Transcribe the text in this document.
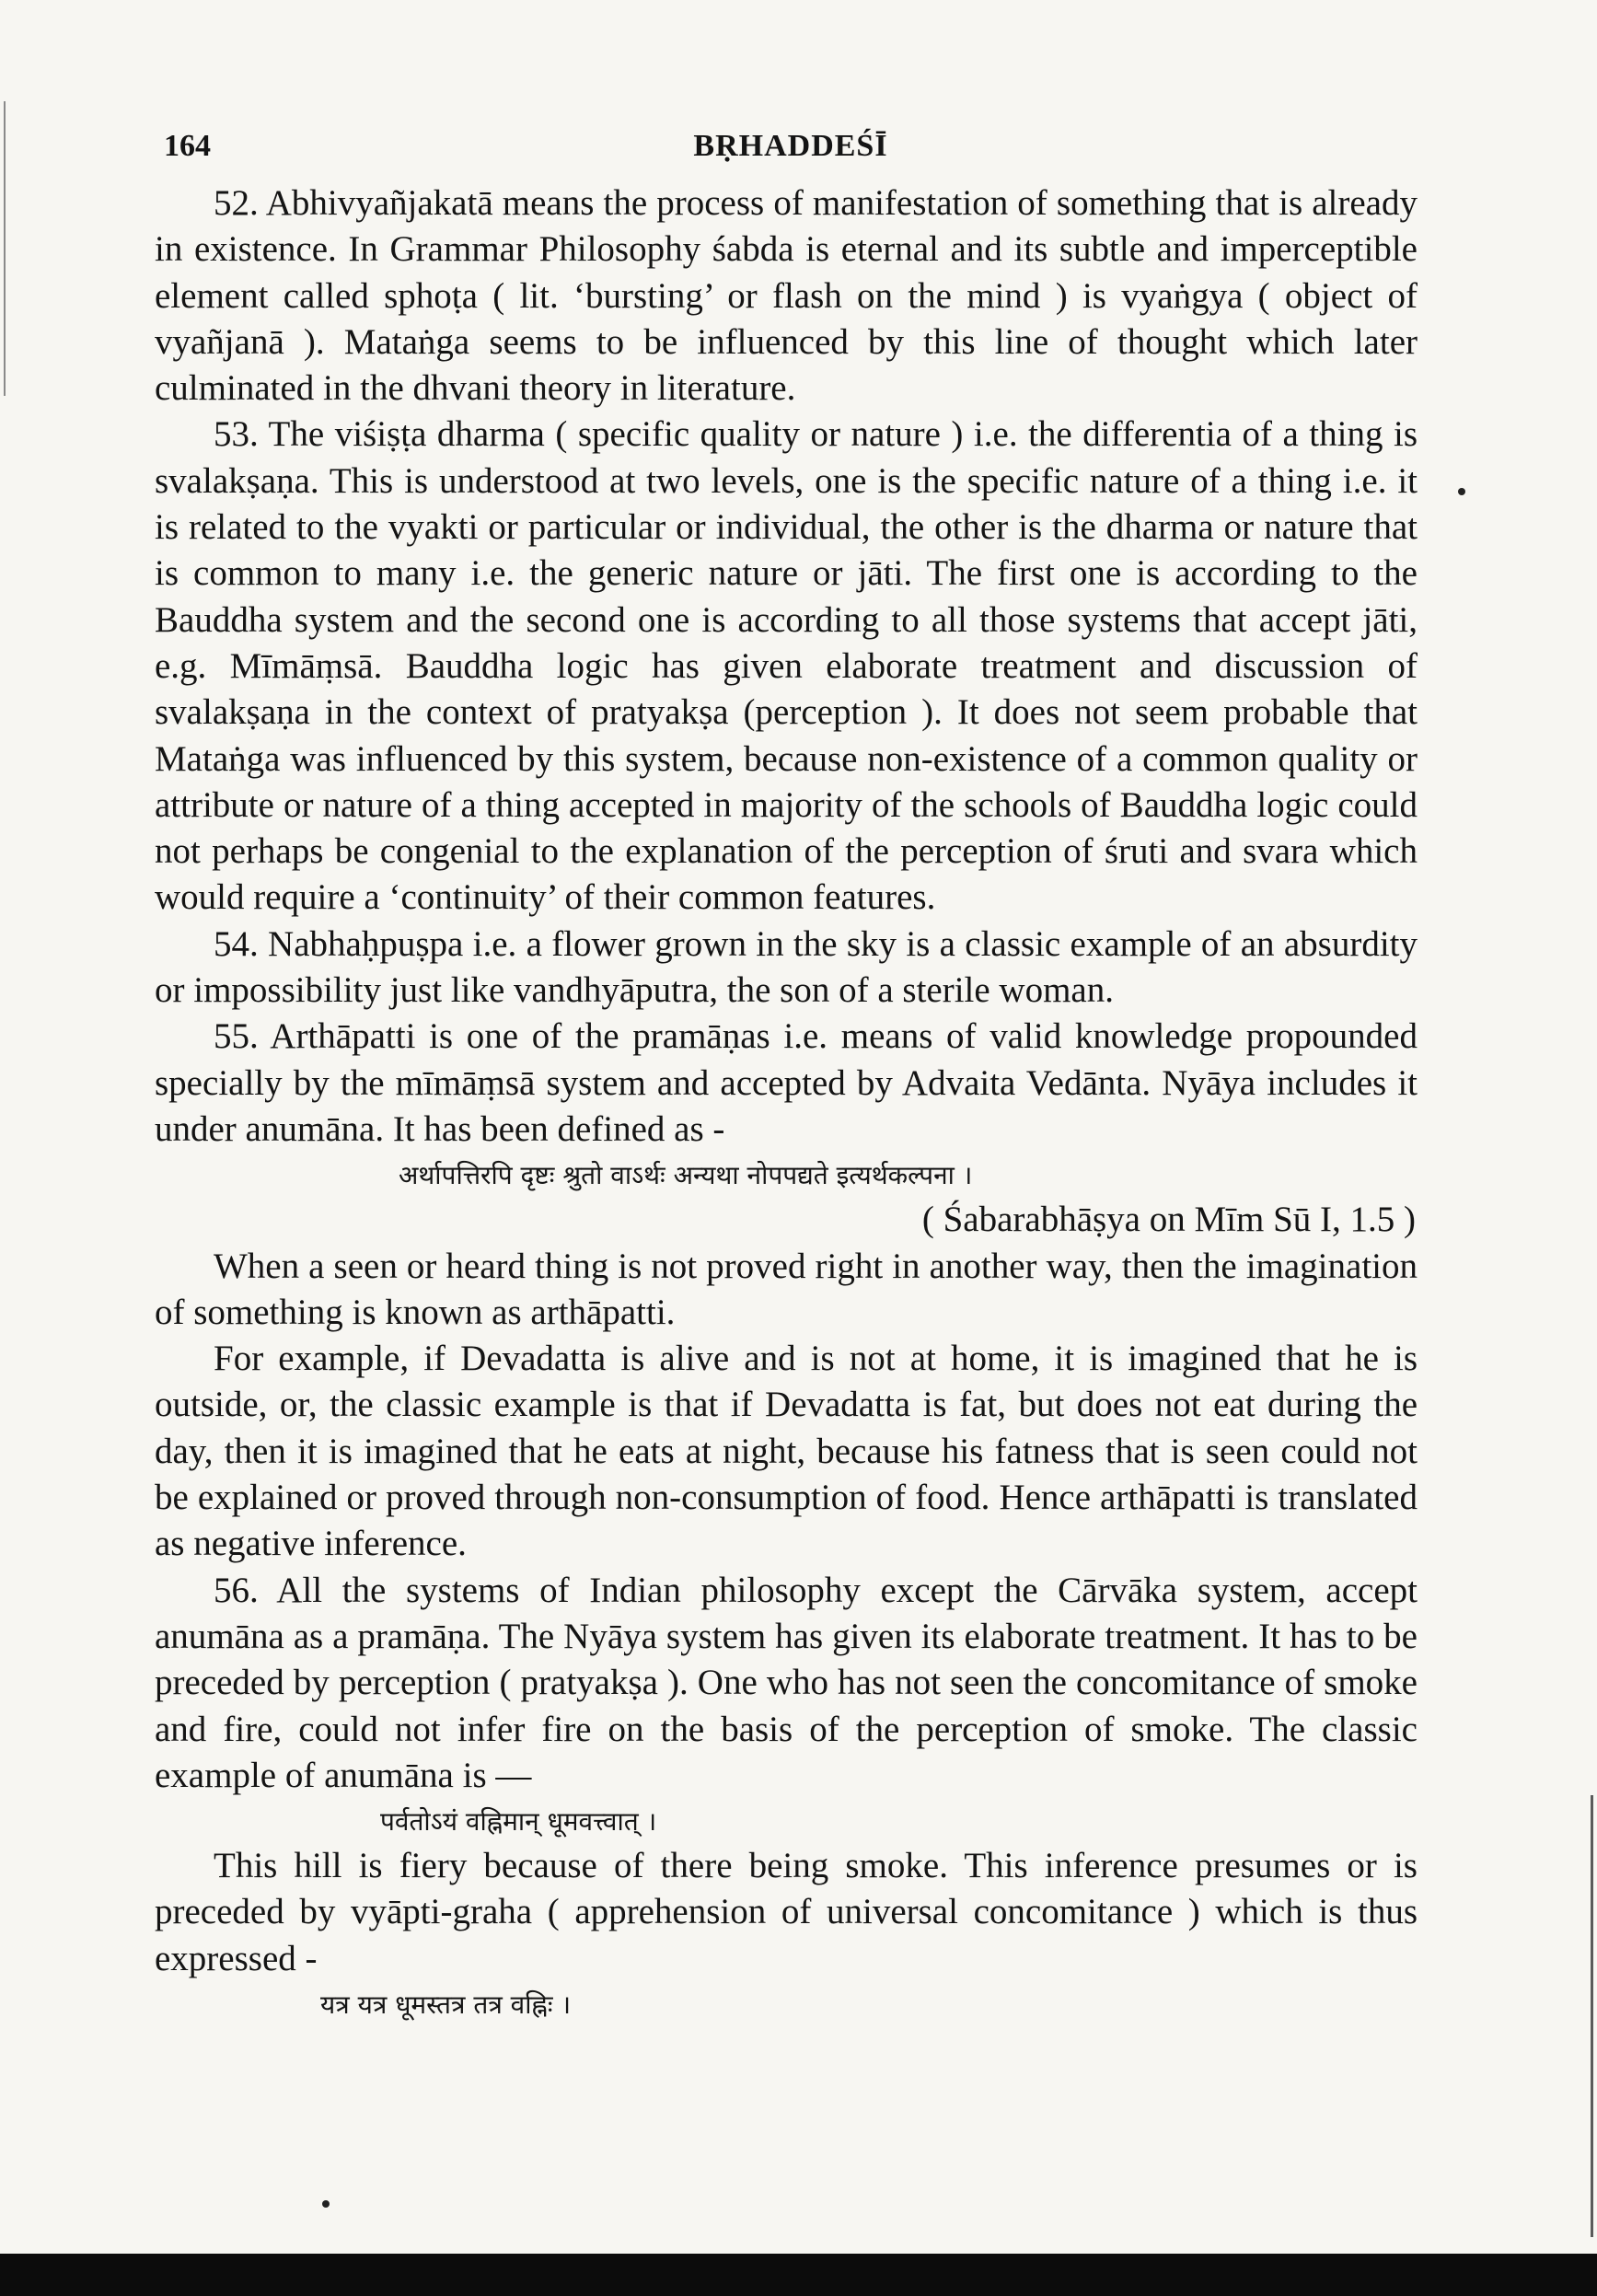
164	BṚHADDEŚĪ

52. Abhivyañjakatā means the process of manifestation of something that is already in existence. In Grammar Philosophy śabda is eternal and its subtle and imperceptible element called sphoṭa ( lit. ‘bursting’ or flash on the mind ) is vyaṅgya ( object of vyañjanā ). Mataṅga seems to be influenced by this line of thought which later culminated in the dhvani theory in literature.

53. The viśiṣṭa dharma ( specific quality or nature ) i.e. the differentia of a thing is svalakṣaṇa. This is understood at two levels, one is the specific nature of a thing i.e. it is related to the vyakti or particular or individual, the other is the dharma or nature that is common to many i.e. the generic nature or jāti. The first one is according to the Bauddha system and the second one is according to all those systems that accept jāti, e.g. Mīmāṃsā. Bauddha logic has given elaborate treatment and discussion of svalakṣaṇa in the context of pratyakṣa (perception ). It does not seem probable that Mataṅga was influenced by this system, because non-existence of a common quality or attribute or nature of a thing accepted in majority of the schools of Bauddha logic could not perhaps be congenial to the explanation of the perception of śruti and svara which would require a ‘continuity’ of their common features.

54. Nabhaḥpuṣpa i.e. a flower grown in the sky is a classic example of an absurdity or impossibility just like vandhyāputra, the son of a sterile woman.

55. Arthāpatti is one of the pramāṇas i.e. means of valid knowledge propounded specially by the mīmāṃsā system and accepted by Advaita Vedānta. Nyāya includes it under anumāna. It has been defined as -

अर्थापत्तिरपि दृष्टः श्रुतो वाऽर्थः अन्यथा नोपपद्यते इत्यर्थकल्पना ।

( Śabarabhāṣya on Mīm Sū I, 1.5 )

When a seen or heard thing is not proved right in another way, then the imagination of something is known as arthāpatti.

For example, if Devadatta is alive and is not at home, it is imagined that he is outside, or, the classic example is that if Devadatta is fat, but does not eat during the day, then it is imagined that he eats at night, because his fatness that is seen could not be explained or proved through non-consumption of food. Hence arthāpatti is translated as negative inference.

56. All the systems of Indian philosophy except the Cārvāka system, accept anumāna as a pramāṇa. The Nyāya system has given its elaborate treatment. It has to be preceded by perception ( pratyakṣa ). One who has not seen the concomitance of smoke and fire, could not infer fire on the basis of the perception of smoke. The classic example of anumāna is —

पर्वतोऽयं वह्निमान् धूमवत्त्वात् ।

This hill is fiery because of there being smoke. This inference presumes or is preceded by vyāpti-graha ( apprehension of universal concomitance ) which is thus expressed -

यत्र यत्र धूमस्तत्र तत्र वह्निः ।
